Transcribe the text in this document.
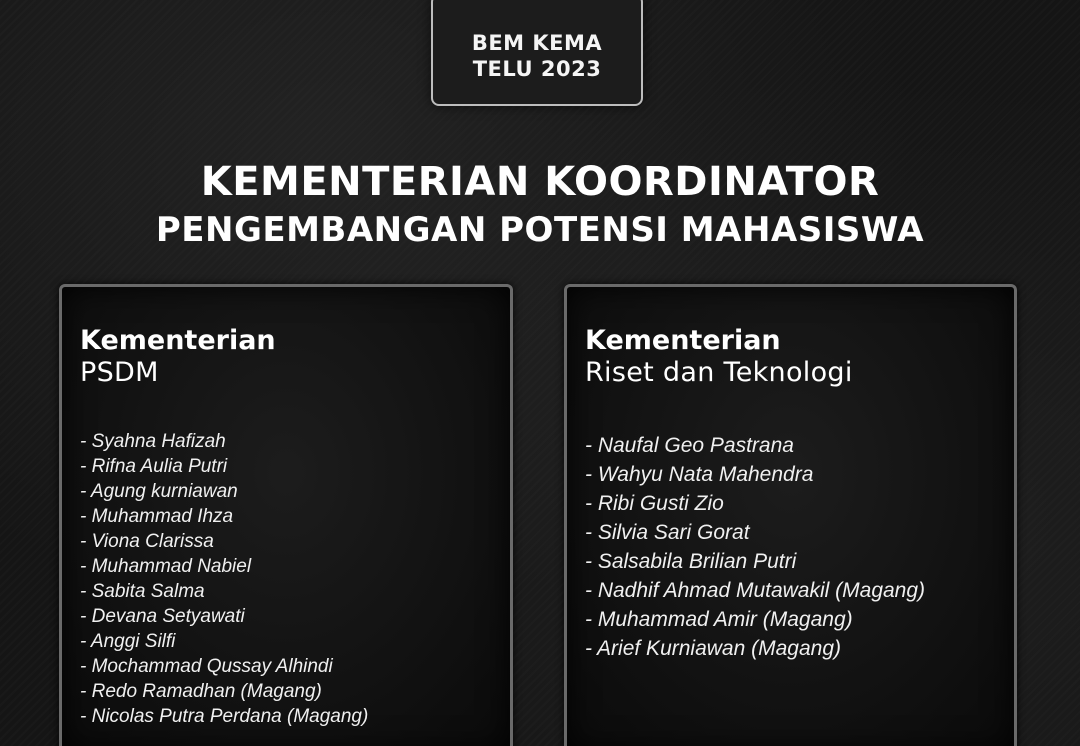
BEM KEMA
TELU 2023
KEMENTERIAN KOORDINATOR
PENGEMBANGAN POTENSI MAHASISWA
Kementerian
PSDM
- Syahna Hafizah
- Rifna Aulia Putri
- Agung kurniawan
- Muhammad Ihza
- Viona Clarissa
- Muhammad Nabiel
- Sabita Salma
- Devana Setyawati
- Anggi Silfi
- Mochammad Qussay Alhindi
- Redo Ramadhan (Magang)
- Nicolas Putra Perdana (Magang)
Kementerian
Riset dan Teknologi
- Naufal Geo Pastrana
- Wahyu Nata Mahendra
- Ribi Gusti Zio
- Silvia Sari Gorat
- Salsabila Brilian Putri
- Nadhif Ahmad Mutawakil (Magang)
- Muhammad Amir (Magang)
- Arief Kurniawan (Magang)
